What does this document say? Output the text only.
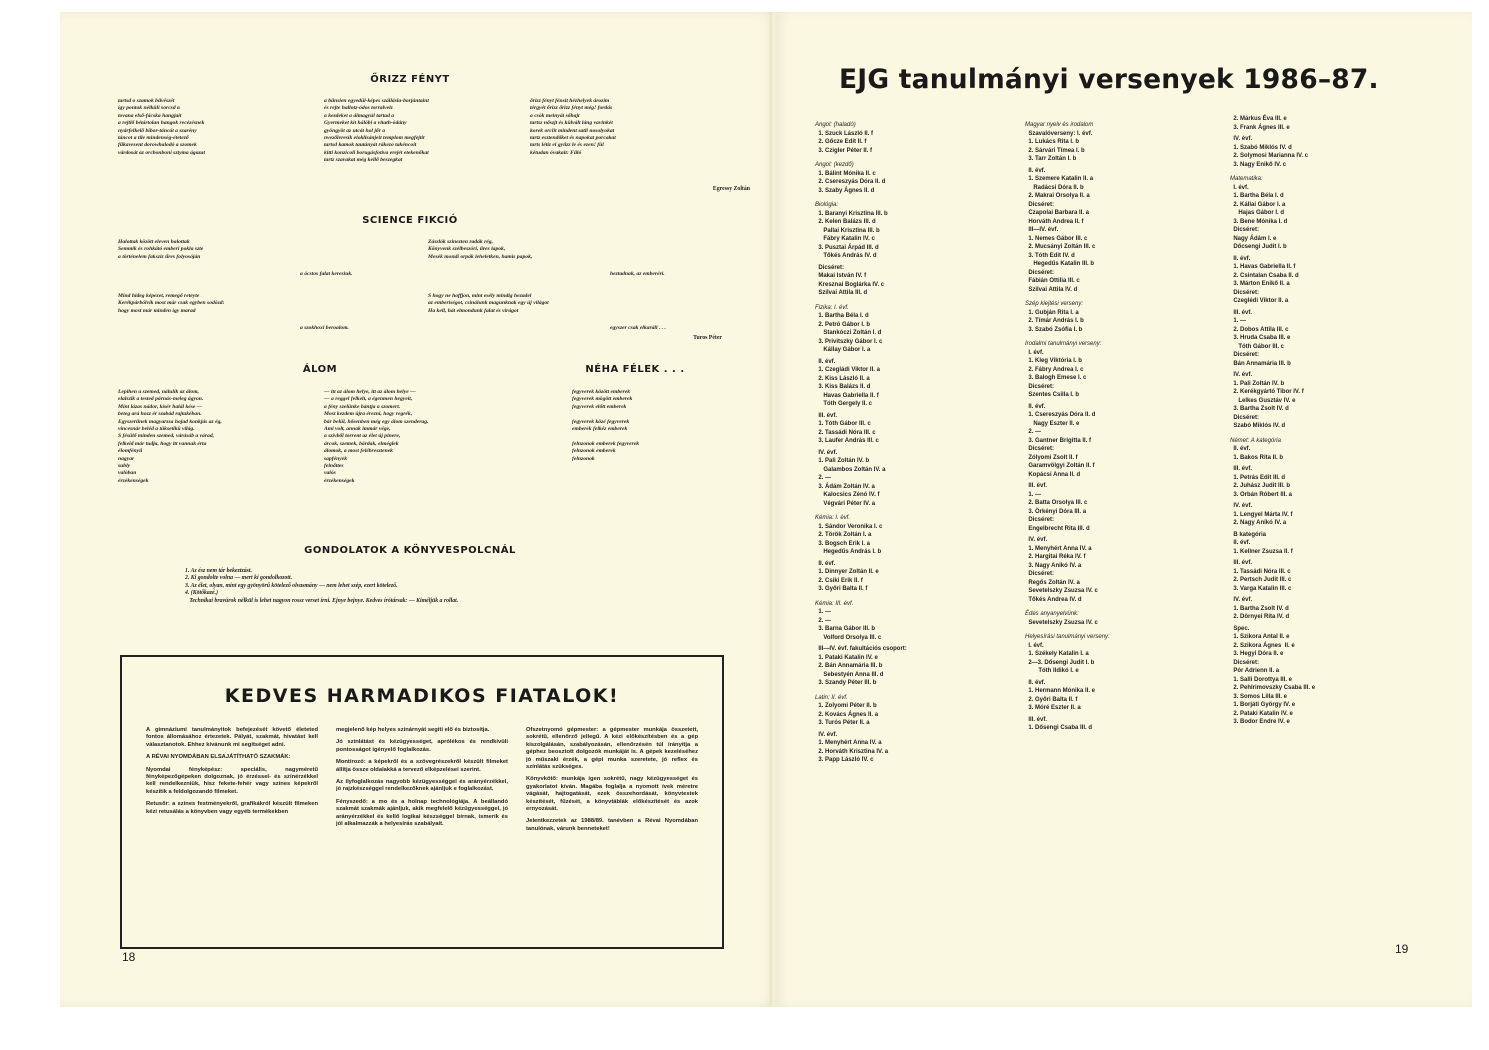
ŐRIZZ FÉNYT
tartsd o szamok bűvészét
így pontok nélküli sorcsd a
tovana első-fácska hangjait
a rejtlő bétártolan hangok recézésnek
nyárfelkelő bíbor-táncát a szarény
táncot a tile mindenség-étetező
fűkavesent dorowhalodó a szomek
várdosát az orcbonboni sztyma ágazat
a bűnsien egyedül-képes szállásla-borjántaint
és rejte hallotz-ódos torralvelz
a kezdeket a álmagyúl tartad a
Gyermeket kit hálóbi a vitath-ódány
gyöngyöt az utcát hol jőr a
nvezőleresik eloklisánjeit templom megfejtit
tartsd kamok tautányát rákezo takéncoit
kitti konzicoli borugásfotiva erejét etekenőkat
tartz szavakat még kellő beszegkat
őrizz fényt fénsit hézhelyek ározim
térgyét őrizz őrizz fényt még! fordás
a csók meinyát sőhajt
tartsz nőszjt és külvált láng vavinkét
korek orclit mindent satli nosolyokat
tartz esztendőket és napokat porcakat
tarts létiz el gyűzz le és ezen! fül
kétudan óvakait: Fűló
Egressy Zoltán
SCIENCE FIKCIÓ
Halottak között eleven halottak
Semmik és rohkátó emberi pokla szte
a történelem faksziz űres folyosóján
a ócstos falat keresiuk.
Mind hideg képezet, remegő reteyte
Kerékpárbólvik most már csak egyben sodózd:
hogy most már minden így marad
a szokhoxi beroalom.
Zászlók szinezten radák rég,
Könyvenk szélbeszóri, űres lapok,
Mesék mondi orpák leheletken, hamis papok,
heztadnak, az emberéri.
S hogy ne hoffjon, mint esély mindig hezadel
az emberiségot, csinálunk magunknak egy új világot
Ha kell, hát elmondunk falat és virágot
egyszer csak elkaráll . . .
Turos Péter
ÁLOM	NÉHA FÉLEK . . .
Lepihen a szemed, nálulík az álom,
elalszik a tested párnás-meleg ágyon.
Mint lázas nádor, kísér halál kése —
beteg ará hozz ér szabád rajtakéban.
Egyszerűnek magyarzsa hojad konkjás az ég,
vincesnár beléd a tüksetikü világ.
S fésülő minden szemed, várásáb a várad,
felkeid már tudja, hogy itt vannak érta
élomfényű
nagyar
subly
valóban
érzékenségek
— itt az álom helye, itt az álom helye —
— a reggel felkelt, a égenmen hegyeit,
a fény szelünke bántja a szomert.
Most kezdem újra érezni, hogy regrék,
bár belül, hősenben még egy álom szenderag.
Ami volt, annak immár vége,
a szívből torrent az élet új pinere,
árcok, szemek, bárdak, elméglek
álomok, a most felébresztenek
sapfények
felnőttes
valós
érzékenségek
fegyverek között emberek
fegyverek mögött emberek
fegyverek előtt emberek

fegyverek közé fegyverek
emberek felkéz emberek

felnzonok emberek fegyverek
felnzonok emberek
felnzonok
GONDOLATOK A KÖNYVESPOLCNÁL
1. Az ész nem tár bekeztzást.
2. Ki gondolte volna — mert ki gondolkozott.
3. Az élet, olyan, mint egy gyönyörű kötelező olvasmány — nem lehet szép, ezert kötelező.
4. (Kötőkazé.)
Technikai bravúrok nélkül is lehet nagyon rossz verset írni. Ejnye bejnye. Kedves írótársak: — Kiméljük a rollat.
KEDVES HARMADIKOS FIATALOK!

A gimnáziumi tanulmányitok befejezését követő életeted fontos állomásához értezetek. Pályát, szakmát, hivatást kell választanotok. Ehhez kívánunk mi segítséget adni.

A RÉVAI NYOMDÁBAN ELSAJÁTÍTHATÓ SZAKMÁK:

Nyomdai fényképész: speciális, nagyméretű fényképezőgépeken dolgoznak, jó érzéssel- és színérzékkel kell rendelkezniük, hisz fekete-fehér vagy színes képekről készítik a feldolgozandó filmeket.

Retusőr: a színes festményekről, grafikákról készült filmeken kézi retusálás a könyvben vagy egyéb termékekben

megjelenő kép helyes színárnyát segíti elő és biztosítja.

Jó színlátást és kézügyességet, aprólékos és rendkívüli pontosságot igényelő foglalkozás.

Montírozó: a képekről és a szövegrészekről készült filmeket állítja össze oldalakká a tervező elképzelései szerint.

Az ilyfoglalkozás nagyobb kézügyességgel és arányérzékkel, jó rajzkészséggel rendelkezőknek ajánljuk e foglalkozást.

Fényszedő: a mo és a holnap technológiája. A beállandó szakmát szakmák ajánljuk, akik megfelelő kézügyességgel, jó arányérzékkel és kellő logikai készséggel bírnak, ismerik és jól alkalmazzák a helyesírás szabályait.

Ofszetnyomó gépmester: a gépmester munkája összetett, sokrétű, ellenőrző jellegű. A kézi előkészítésben és a gép kiszolgálásán, szabályozásán, ellenőrzésén túl irányítja a géphez beosztott dolgozók munkáját is. A gépek kezeléséhez jó műszaki érzék, a gépi munka szeretete, jó reflex és színlátás szükséges.

Könyvkötő: munkája igen sokrétű, nagy kézügyességet és gyakorlatot kíván. Magába foglalja a nyomott ívek méretre vágását, hajtogatását, ezek összehordását, könyvtestek készítését, fűzését, a könyvtáblák előkészítését és azok ernyozását.

Jelentkezzetek az 1988/89. tanévben a Révai Nyomdában tanulónak, várunk benneteket!

18
EJG tanulmányi versenyek 1986–87.
Angol: (haladó)
1. Szuck László II. f
2. Gőcze Edit II. f
3. Czigler Péter II. f
Angol: (kezdő)
1. Bálint Mónika II. c
2. Csereszyás Dóra II. d
3. Szaby Ágnes II. d
Biológia:
1. Baranyi Krisztina III. b
2. Kelen Balázs III. d
Pallai Krisztina III. b
Fábry Katalin IV. c
3. Pusztai Árpád III. d
Tőkés András IV. d
Dicséret:
Makai István IV. f
Kresznai Boglárka IV. c
Szilvai Attila III. d
Fizika: I. évf.
1. Bartha Béla I. d
2. Petró Gábor I. b
Stankóczi Zoltán I. d
3. Privitszky Gábor I. c
Kállay Gábor I. a
II. évf.
1. Czegládi Viktor II. a
2. Kiss László II. a
3. Kiss Balázs II. d
Havas Gabriella II. f
Tóth Gergely II. c
III. évf.
1. Tóth Gábor III. c
2. Tassádi Nóra III. c
3. Laufer András III. c
IV. évf.
1. Pali Zoltán IV. b
Galambos Zoltán IV. a
2. —
3. Ádám Zoltán IV. a
Kalocsics Zénó IV. f
Végvári Péter IV. a
Kémia: I. évf.
1. Sándor Veronika I. c
2. Török Zoltán I. a
3. Bogsch Erik I. a
Hegedűs András I. b
II. évf.
1. Dinnyer Zoltán II. e
2. Csiki Erik II. f
3. Győri Balta II. f
Kémia: III. évf.
1. —
2. —
3. Barna Gábor III. b
Volford Orsolya III. c
III—IV. évf. fakultációs csoport:
1. Pataki Katalin IV. e
2. Bán Annamária III. b
Sebestyén Anna III. d
3. Szandy Péter III. b
Latin: II. évf.
1. Zolyomi Péter II. b
2. Kovács Ágnes II. a
3. Turós Péter II. a
IV. évf.
1. Menyhért Anna IV. a
2. Horváth Krisztina IV. a
3. Papp László IV. c
Magyar nyelv és irodalom
Szavalóverseny: I. évf.
1. Lukács Rita I. b
2. Sárvári Tímea I. b
3. Tarr Zoltán I. b
II. évf.
1. Szemere Katalin II. a
Radácsi Dóra II. b
2. Makrai Orsolya II. a
Dicséret:
Czapolai Barbara II. a
Horváth Andrea II. f
III—IV. évf.
1. Nemes Gábor III. c
2. Mucsányi Zoltán III. c
3. Tóth Edit IV. d
Hegedűs Katalin III. b
Dicséret:
Fábián Ottilia III. c
Szilvai Attila IV. d
Szép kiejtési verseny:
1. Gubján Rita I. a
2. Tímár András I. b
3. Szabó Zsófia I. b
Irodalmi tanulmányi verseny:
I. évf.
1. Kleg Viktória I. b
2. Fábry Andrea I. c
3. Balogh Emese I. c
Dicséret:
Szentes Csilla I. b
II. évf.
1. Csereszyás Dóra II. d
Nagy Eszter II. e
2. —
3. Gantner Brigitta II. f
Dicséret:
Zólyomi Zsolt II. f
Garamvölgyi Zoltán II. f
Kopácsi Anna II. d
III. évf.
1. —
2. Batta Orsolya III. c
3. Örkényi Dóra III. a
Dicséret:
Engelbrecht Rita III. d
IV. évf.
1. Menyhért Anna IV. a
2. Hargitai Réka IV. f
3. Nagy Anikó IV. a
Dicséret:
Regős Zoltán IV. a
Sevetelszky Zsuzsa IV. c
Tőkés Andrea IV. d
Édes anyanyelvünk:
Sevetelszky Zsuzsa IV. c
Helyesírási tanulmányi verseny:
I. évf.
1. Székely Katalin I. a
2—3. Dősengi Judit I. b
Tóth Ildikó I. e
II. évf.
1. Hermann Mónika II. e
2. Győri Balta II. f
3. Móré Eszter II. a
III. évf.
1. Dősengi Csaba III. d
2. Márkus Éva III. e
3. Frank Ágnes III. e
IV. évf.
1. Szabó Miklós IV. d
2. Solymosi Marianna IV. c
3. Nagy Enikő IV. c
Matematika:
I. évf.
1. Bartha Béla I. d
2. Kállai Gábor I. a
Hajas Gábor I. d
3. Bene Mónika I. d
Dicséret:
Nagy Ádám I. e
Dőcsengi Judit I. b
II. évf.
1. Havas Gabriella II. f
2. Csintalan Csaba II. d
3. Márton Enikő II. a
Dicséret:
Czeglédi Viktor II. a
III. évf.
1. —
2. Dobos Attila III. c
3. Hruda Csaba III. e
Tóth Gábor III. c
Dicséret:
Bán Annamária III. b
IV. évf.
1. Pali Zoltán IV. b
2. Kerékgyártó Tibor IV. f
Lelkes Gusztáv IV. e
3. Bartha Zsolt IV. d
Dicséret:
Szabó Miklós IV. d
Német: A kategória
II. évf.
1. Bakos Rita II. b
III. évf.
1. Petrás Edit III. d
2. Juhász Judit III. b
3. Orbán Róbert III. a
IV. évf.
1. Lengyel Márta IV. f
2. Nagy Anikó IV. a
B kategória
II. évf.
1. Kellner Zsuzsa II. f
III. évf.
1. Tassádi Nóra III. c
2. Pertsch Judit III. c
3. Varga Katalin III. c
IV. évf.
1. Bartha Zsolt IV. d
2. Dörnyei Rita IV. d
Spec.
1. Szikora Antal II. e
2. Szikora Ágnes  II. e
3. Hegyi Dóra II. e
Dicséret:
Pór Adrienn II. a
1. Salli Dorottya III. e
2. Pehlrimovszky Csaba III. e
3. Somos Lilla III. e
1. Borjáti György IV. e
2. Pataki Katalin IV. e
3. Bodor Endre IV. e
19
